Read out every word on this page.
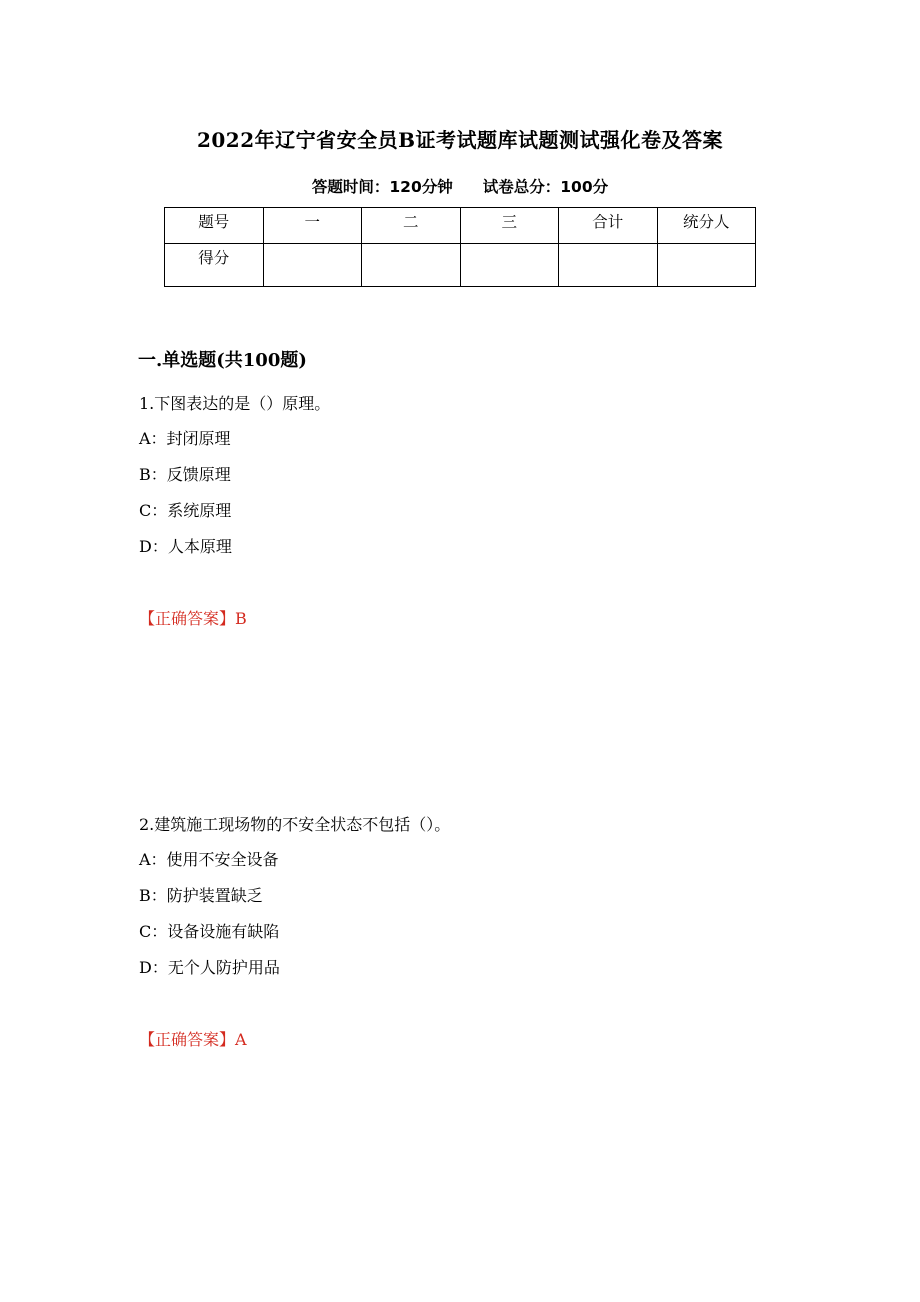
2022年辽宁省安全员B证考试题库试题测试强化卷及答案
答题时间：120分钟 试卷总分：100分
题号	一	二	三	合计	统分人
得分					
一.单选题(共100题)
1.下图表达的是（）原理。
A：封闭原理
B：反馈原理
C：系统原理
D：人本原理
【正确答案】B
2.建筑施工现场物的不安全状态不包括（）。
A：使用不安全设备
B：防护装置缺乏
C：设备设施有缺陷
D：无个人防护用品
【正确答案】A
